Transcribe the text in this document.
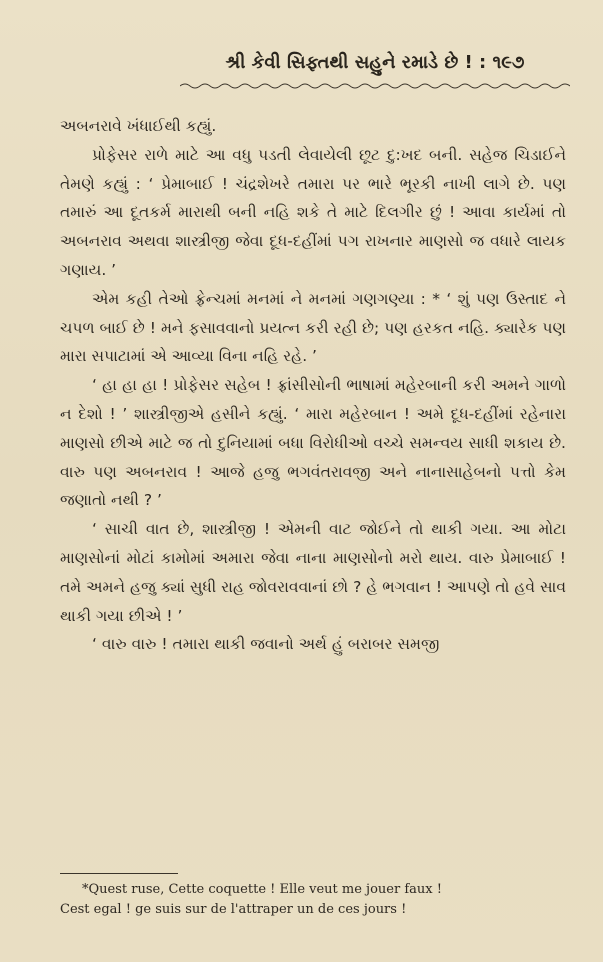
શ્રી કેવી સિફ્તથી સહુને રમાડે છે ! : ૧૯૭

અબનરાવે ખંધાઈથી કહ્યું.

પ્રોફેસર રાળે માટે આ વધુ પડતી લેવાયેલી છૂટ દુ:ખદ બની. સહેજ ચિડાઈને તેમણે કહ્યું : ‘ પ્રેમાબાઈ ! ચંદ્રશેખરે તમારા પર ભારે ભૂરકી નાખી લાગે છે. પણ તમારું આ દૂતકર્મ મારાથી બની નહિ શકે તે માટે દિલગીર છું ! આવા કાર્યમાં તો અબનરાવ અથવા શાસ્ત્રીજી જેવા દૂધ-દહીંમાં પગ રાખનાર માણસો જ વધારે લાયક ગણાય. ’

એમ કહી તેઓ ફ્રેન્ચમાં મનમાં ને મનમાં ગણગણ્યા : * ‘ શું પણ ઉસ્તાદ ને ચપળ બાઈ છે ! મને ફસાવવાનો પ્રયત્ન કરી રહી છે; પણ હરકત નહિ. ક્યારેક પણ મારા સપાટામાં એ આવ્યા વિના નહિ રહે. ’

‘ હા હા હા ! પ્રોફેસર સહેબ ! ફ્રાંસીસોની ભાષામાં મહેરબાની કરી અમને ગાળો ન દેશો ! ’ શાસ્ત્રીજીએ હસીને કહ્યું. ‘ મારા મહેરબાન ! અમે દૂધ-દહીંમાં રહેનારા માણસો છીએ માટે જ તો દુનિયામાં બધા વિરોધીઓ વચ્ચે સમન્વય સાધી શકાય છે. વારુ પણ અબનરાવ ! આજે હજુ ભગવંતરાવજી અને નાનાસાહેબનો પત્તો કેમ જણાતો નથી ? ’

‘ સાચી વાત છે, શાસ્ત્રીજી ! એમની વાટ જોઈને તો થાકી ગયા. આ મોટા માણસોનાં મોટાં કામોમાં અમારા જેવા નાના માણસોનો મરો થાય. વારુ પ્રેમાબાઈ ! તમે અમને હજુ ક્યાં સુધી રાહ જોવરાવવાનાં છો ? હે ભગવાન ! આપણે તો હવે સાવ થાકી ગયા છીએ ! ’

‘ વારુ વારુ ! તમારા થાકી જવાનો અર્થ હું બરાબર સમજી

*Quest ruse, Cette coquette ! Elle veut me jouer faux !

Cest egal ! ge suis sur de l'attraper un de ces jours !
